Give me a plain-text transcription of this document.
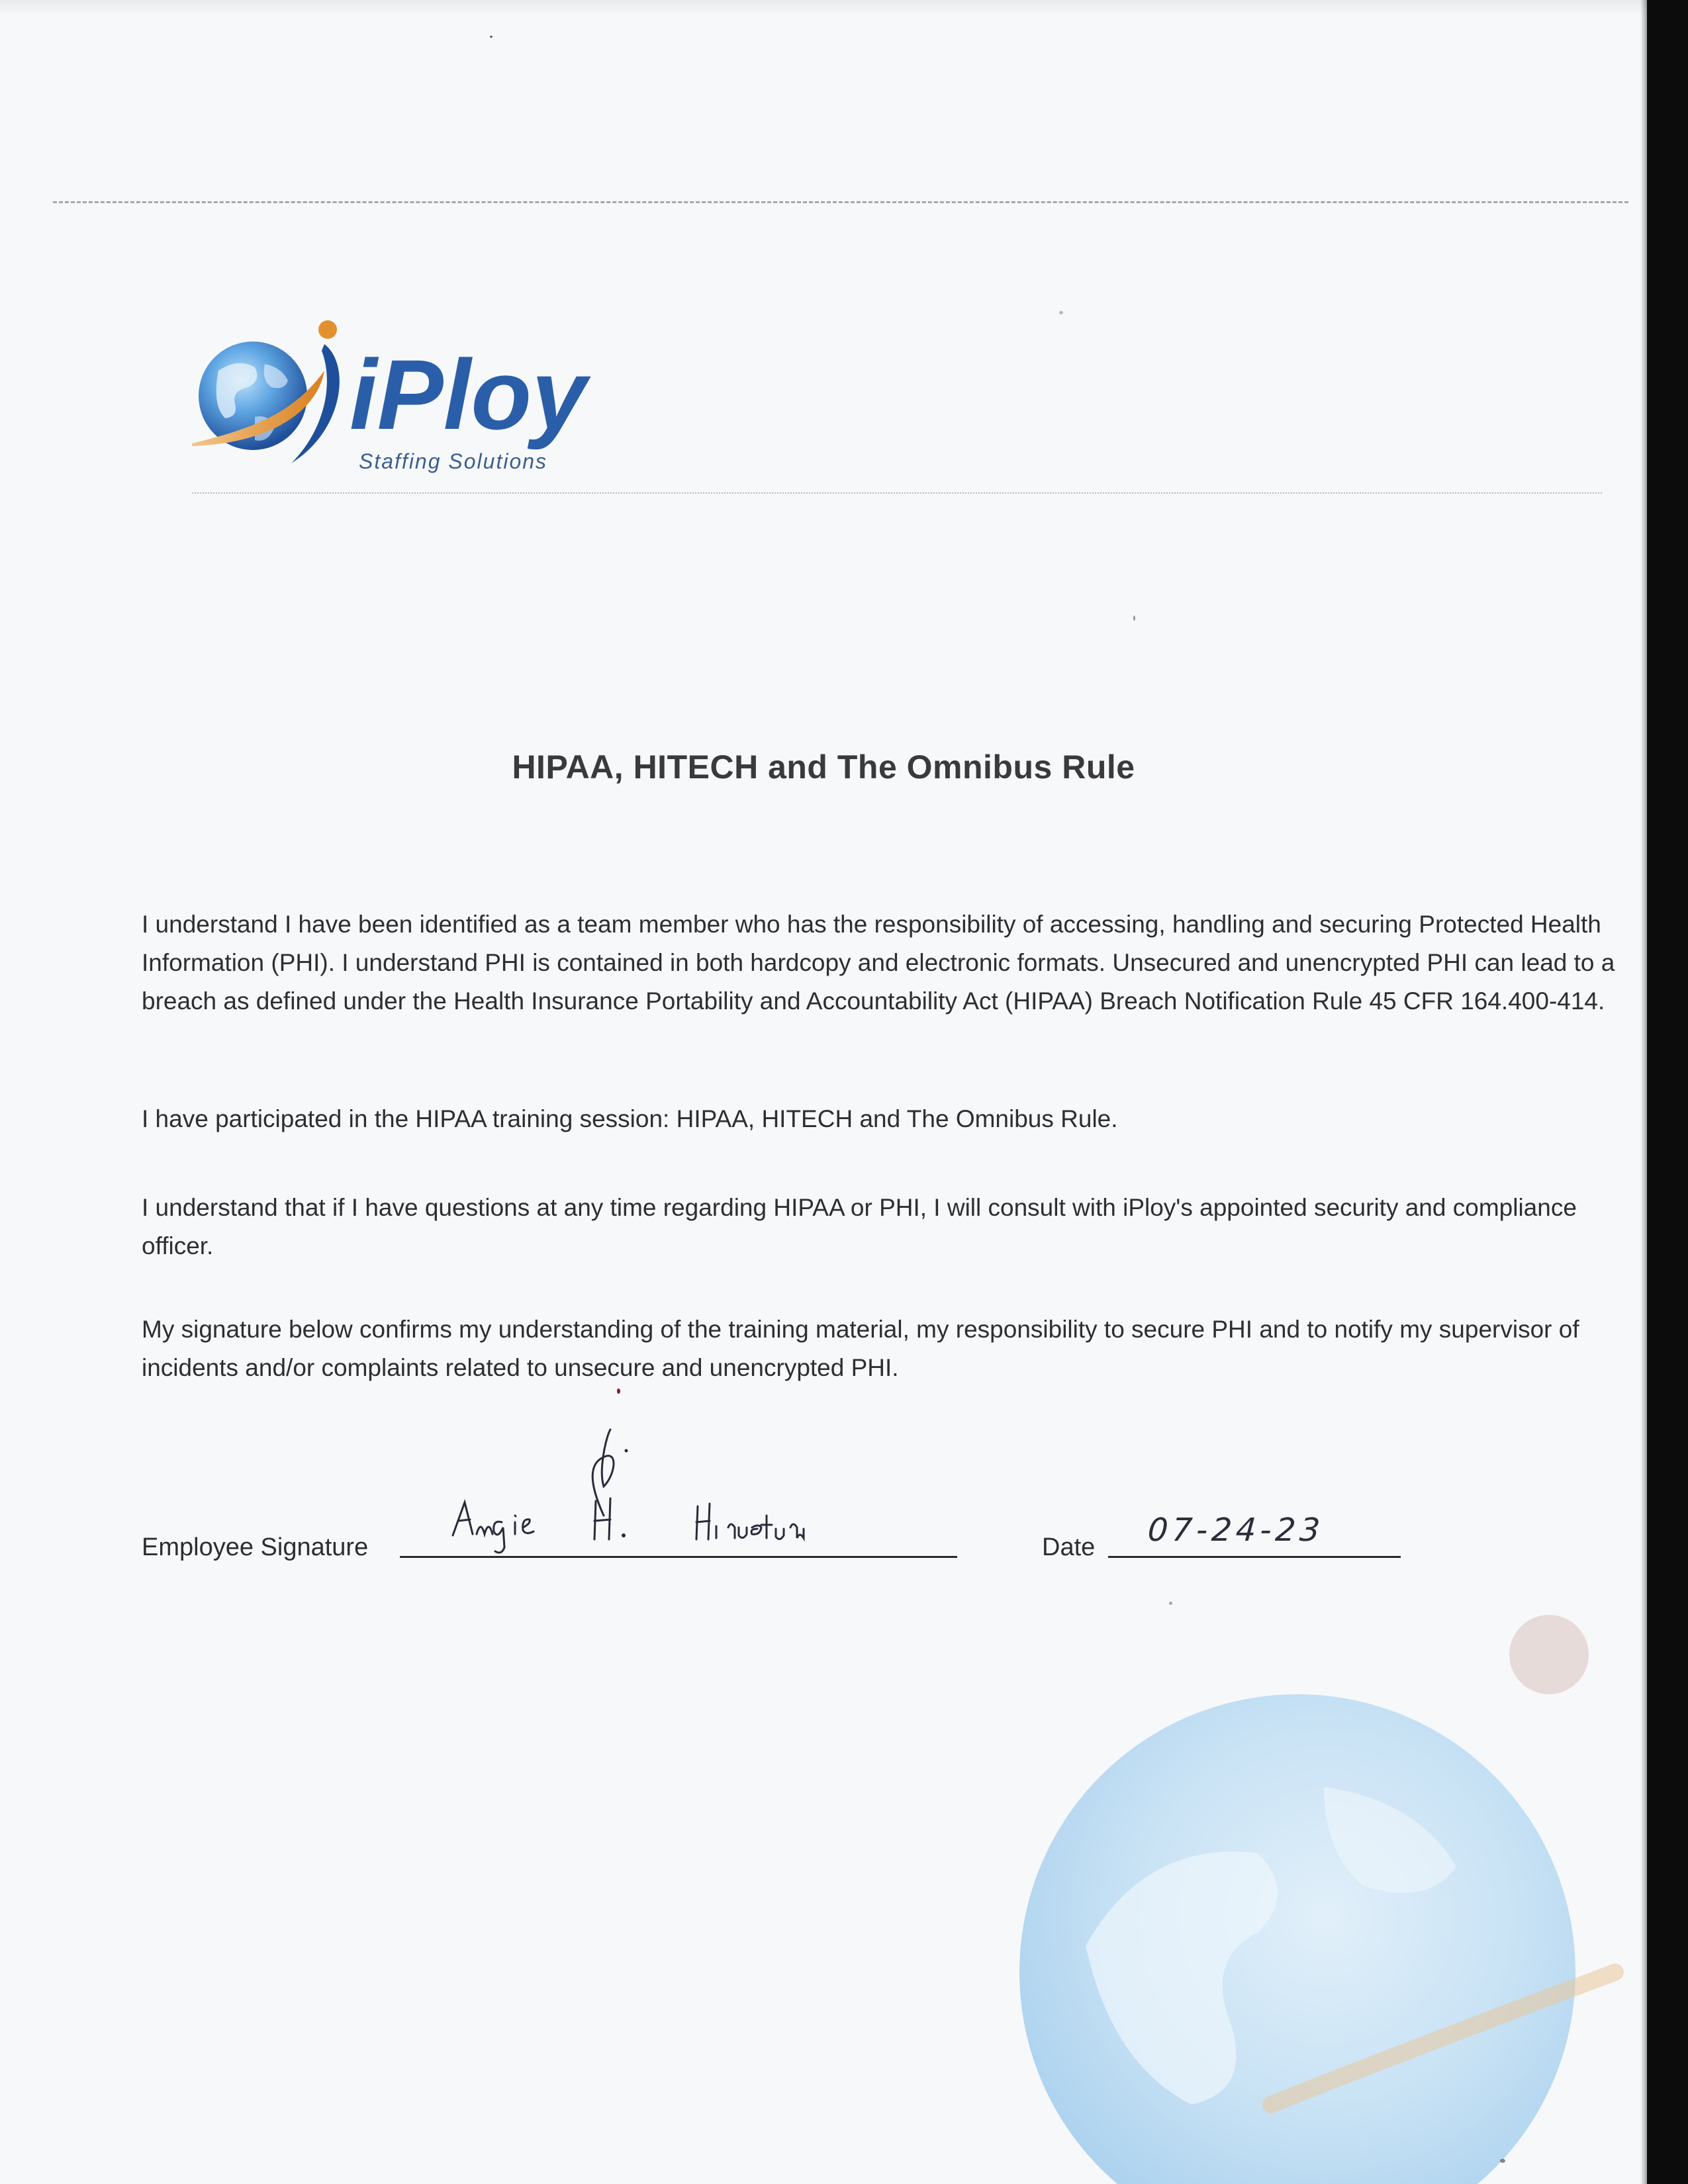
iPloy
Staffing Solutions
HIPAA, HITECH and The Omnibus Rule
I understand I have been identified as a team member who has the responsibility of accessing, handling and securing Protected Health Information (PHI). I understand PHI is contained in both hardcopy and electronic formats. Unsecured and unencrypted PHI can lead to a breach as defined under the Health Insurance Portability and Accountability Act (HIPAA) Breach Notification Rule 45 CFR 164.400-414.
I have participated in the HIPAA training session: HIPAA, HITECH and The Omnibus Rule.
I understand that if I have questions at any time regarding HIPAA or PHI, I will consult with iPloy's appointed security and compliance officer.
My signature below confirms my understanding of the training material, my responsibility to secure PHI and to notify my supervisor of incidents and/or complaints related to unsecure and unencrypted PHI.
Employee Signature	Date 07-24-23
